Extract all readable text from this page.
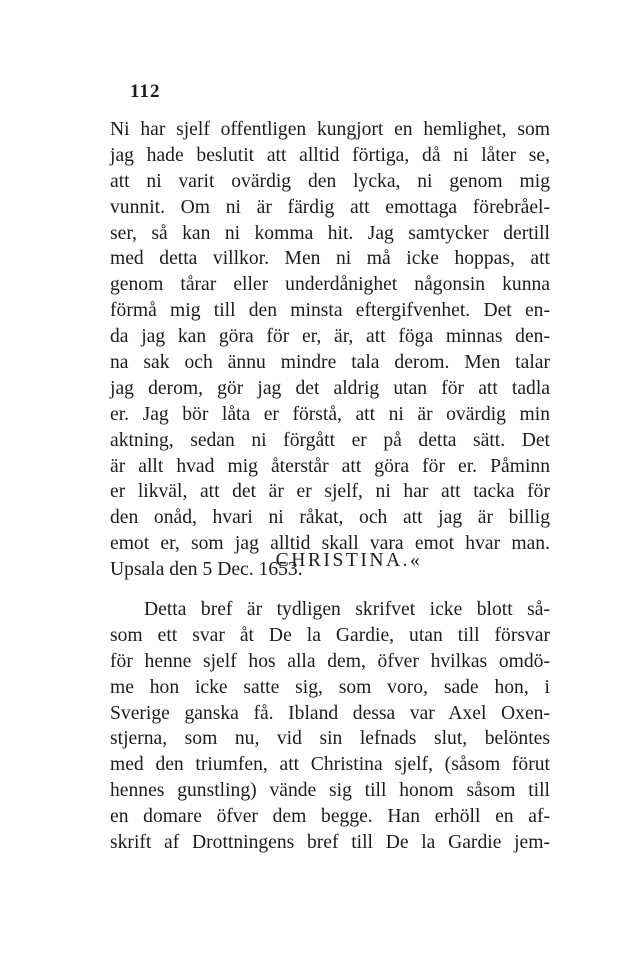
112
Ni har sjelf offentligen kungjort en hemlighet, som
jag hade beslutit att alltid förtiga, då ni låter se,
att ni varit ovärdig den lycka, ni genom mig
vunnit. Om ni är färdig att emottaga förebråel-
ser, så kan ni komma hit. Jag samtycker dertill
med detta villkor. Men ni må icke hoppas, att
genom tårar eller underdånighet någonsin kunna
förmå mig till den minsta eftergifvenhet. Det en-
da jag kan göra för er, är, att föga minnas den-
na sak och ännu mindre tala derom. Men talar
jag derom, gör jag det aldrig utan för att tadla
er. Jag bör låta er förstå, att ni är ovärdig min
aktning, sedan ni förgått er på detta sätt. Det
är allt hvad mig återstår att göra för er. Påminn
er likväl, att det är er sjelf, ni har att tacka för
den onåd, hvari ni råkat, och att jag är billig
emot er, som jag alltid skall vara emot hvar man.
Upsala den 5 Dec. 1653.
CHRISTINA.«
Detta bref är tydligen skrifvet icke blott så-
som ett svar åt De la Gardie, utan till försvar
för henne sjelf hos alla dem, öfver hvilkas omdö-
me hon icke satte sig, som voro, sade hon, i
Sverige ganska få. Ibland dessa var Axel Oxen-
stjerna, som nu, vid sin lefnads slut, belöntes
med den triumfen, att Christina sjelf, (såsom förut
hennes gunstling) vände sig till honom såsom till
en domare öfver dem begge. Han erhöll en af-
skrift af Drottningens bref till De la Gardie jem-
